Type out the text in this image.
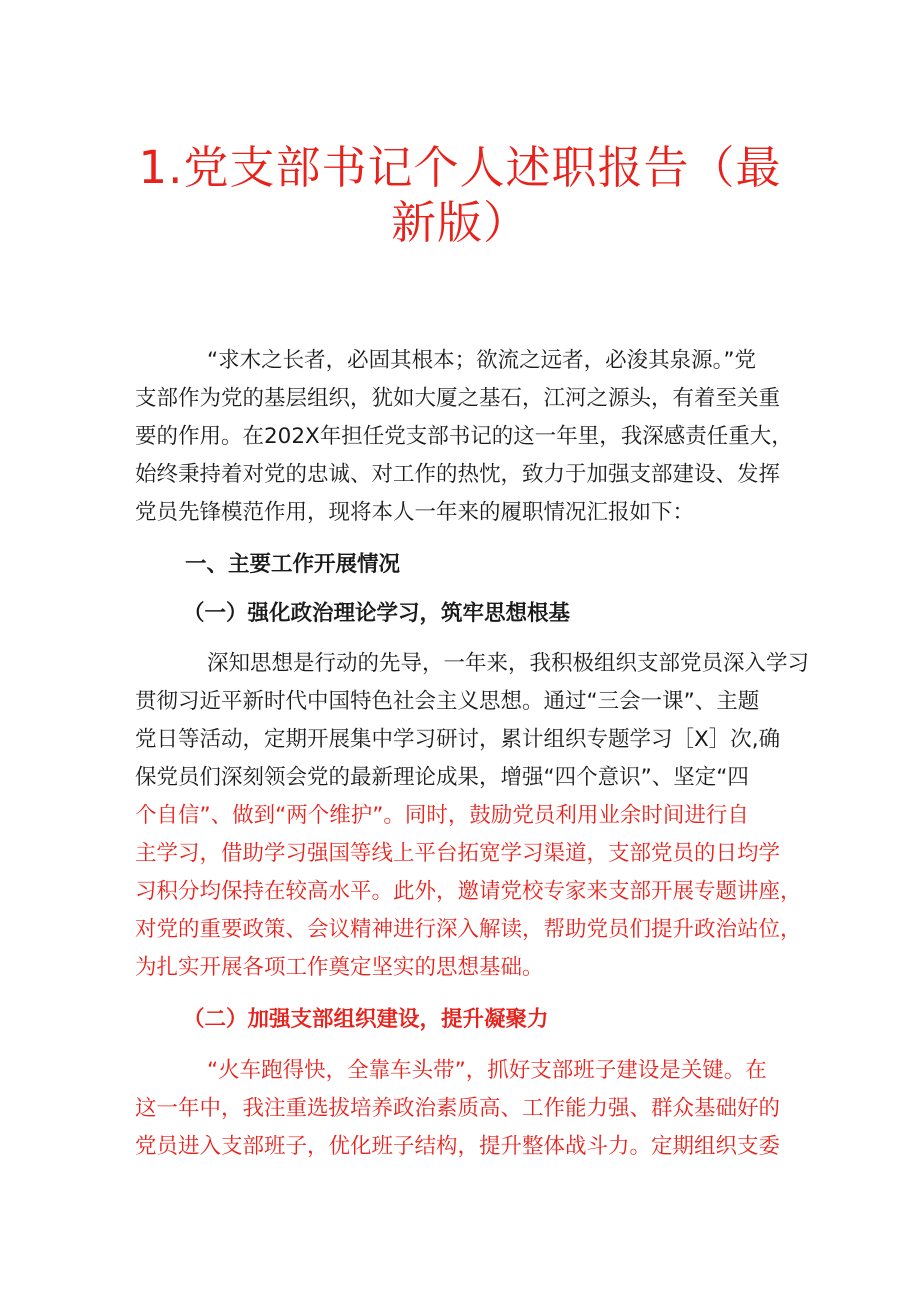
1.党支部书记个人述职报告（最
新版）
“求木之长者，必固其根本；欲流之远者，必浚其泉源。”党
支部作为党的基层组织，犹如大厦之基石，江河之源头，有着至关重
要的作用。在202X年担任党支部书记的这一年里，我深感责任重大，
始终秉持着对党的忠诚、对工作的热忱，致力于加强支部建设、发挥
党员先锋模范作用，现将本人一年来的履职情况汇报如下：
一、主要工作开展情况
（一）强化政治理论学习，筑牢思想根基
深知思想是行动的先导，一年来，我积极组织支部党员深入学习
贯彻习近平新时代中国特色社会主义思想。通过“三会一课”、主题
党日等活动，定期开展集中学习研讨，累计组织专题学习［X］次,确
保党员们深刻领会党的最新理论成果，增强“四个意识”、坚定“四
个自信”、做到“两个维护”。同时，鼓励党员利用业余时间进行自
主学习，借助学习强国等线上平台拓宽学习渠道，支部党员的日均学
习积分均保持在较高水平。此外，邀请党校专家来支部开展专题讲座，
对党的重要政策、会议精神进行深入解读，帮助党员们提升政治站位，
为扎实开展各项工作奠定坚实的思想基础。
（二）加强支部组织建设，提升凝聚力
“火车跑得快，全靠车头带”，抓好支部班子建设是关键。在
这一年中，我注重选拔培养政治素质高、工作能力强、群众基础好的
党员进入支部班子，优化班子结构，提升整体战斗力。定期组织支委
